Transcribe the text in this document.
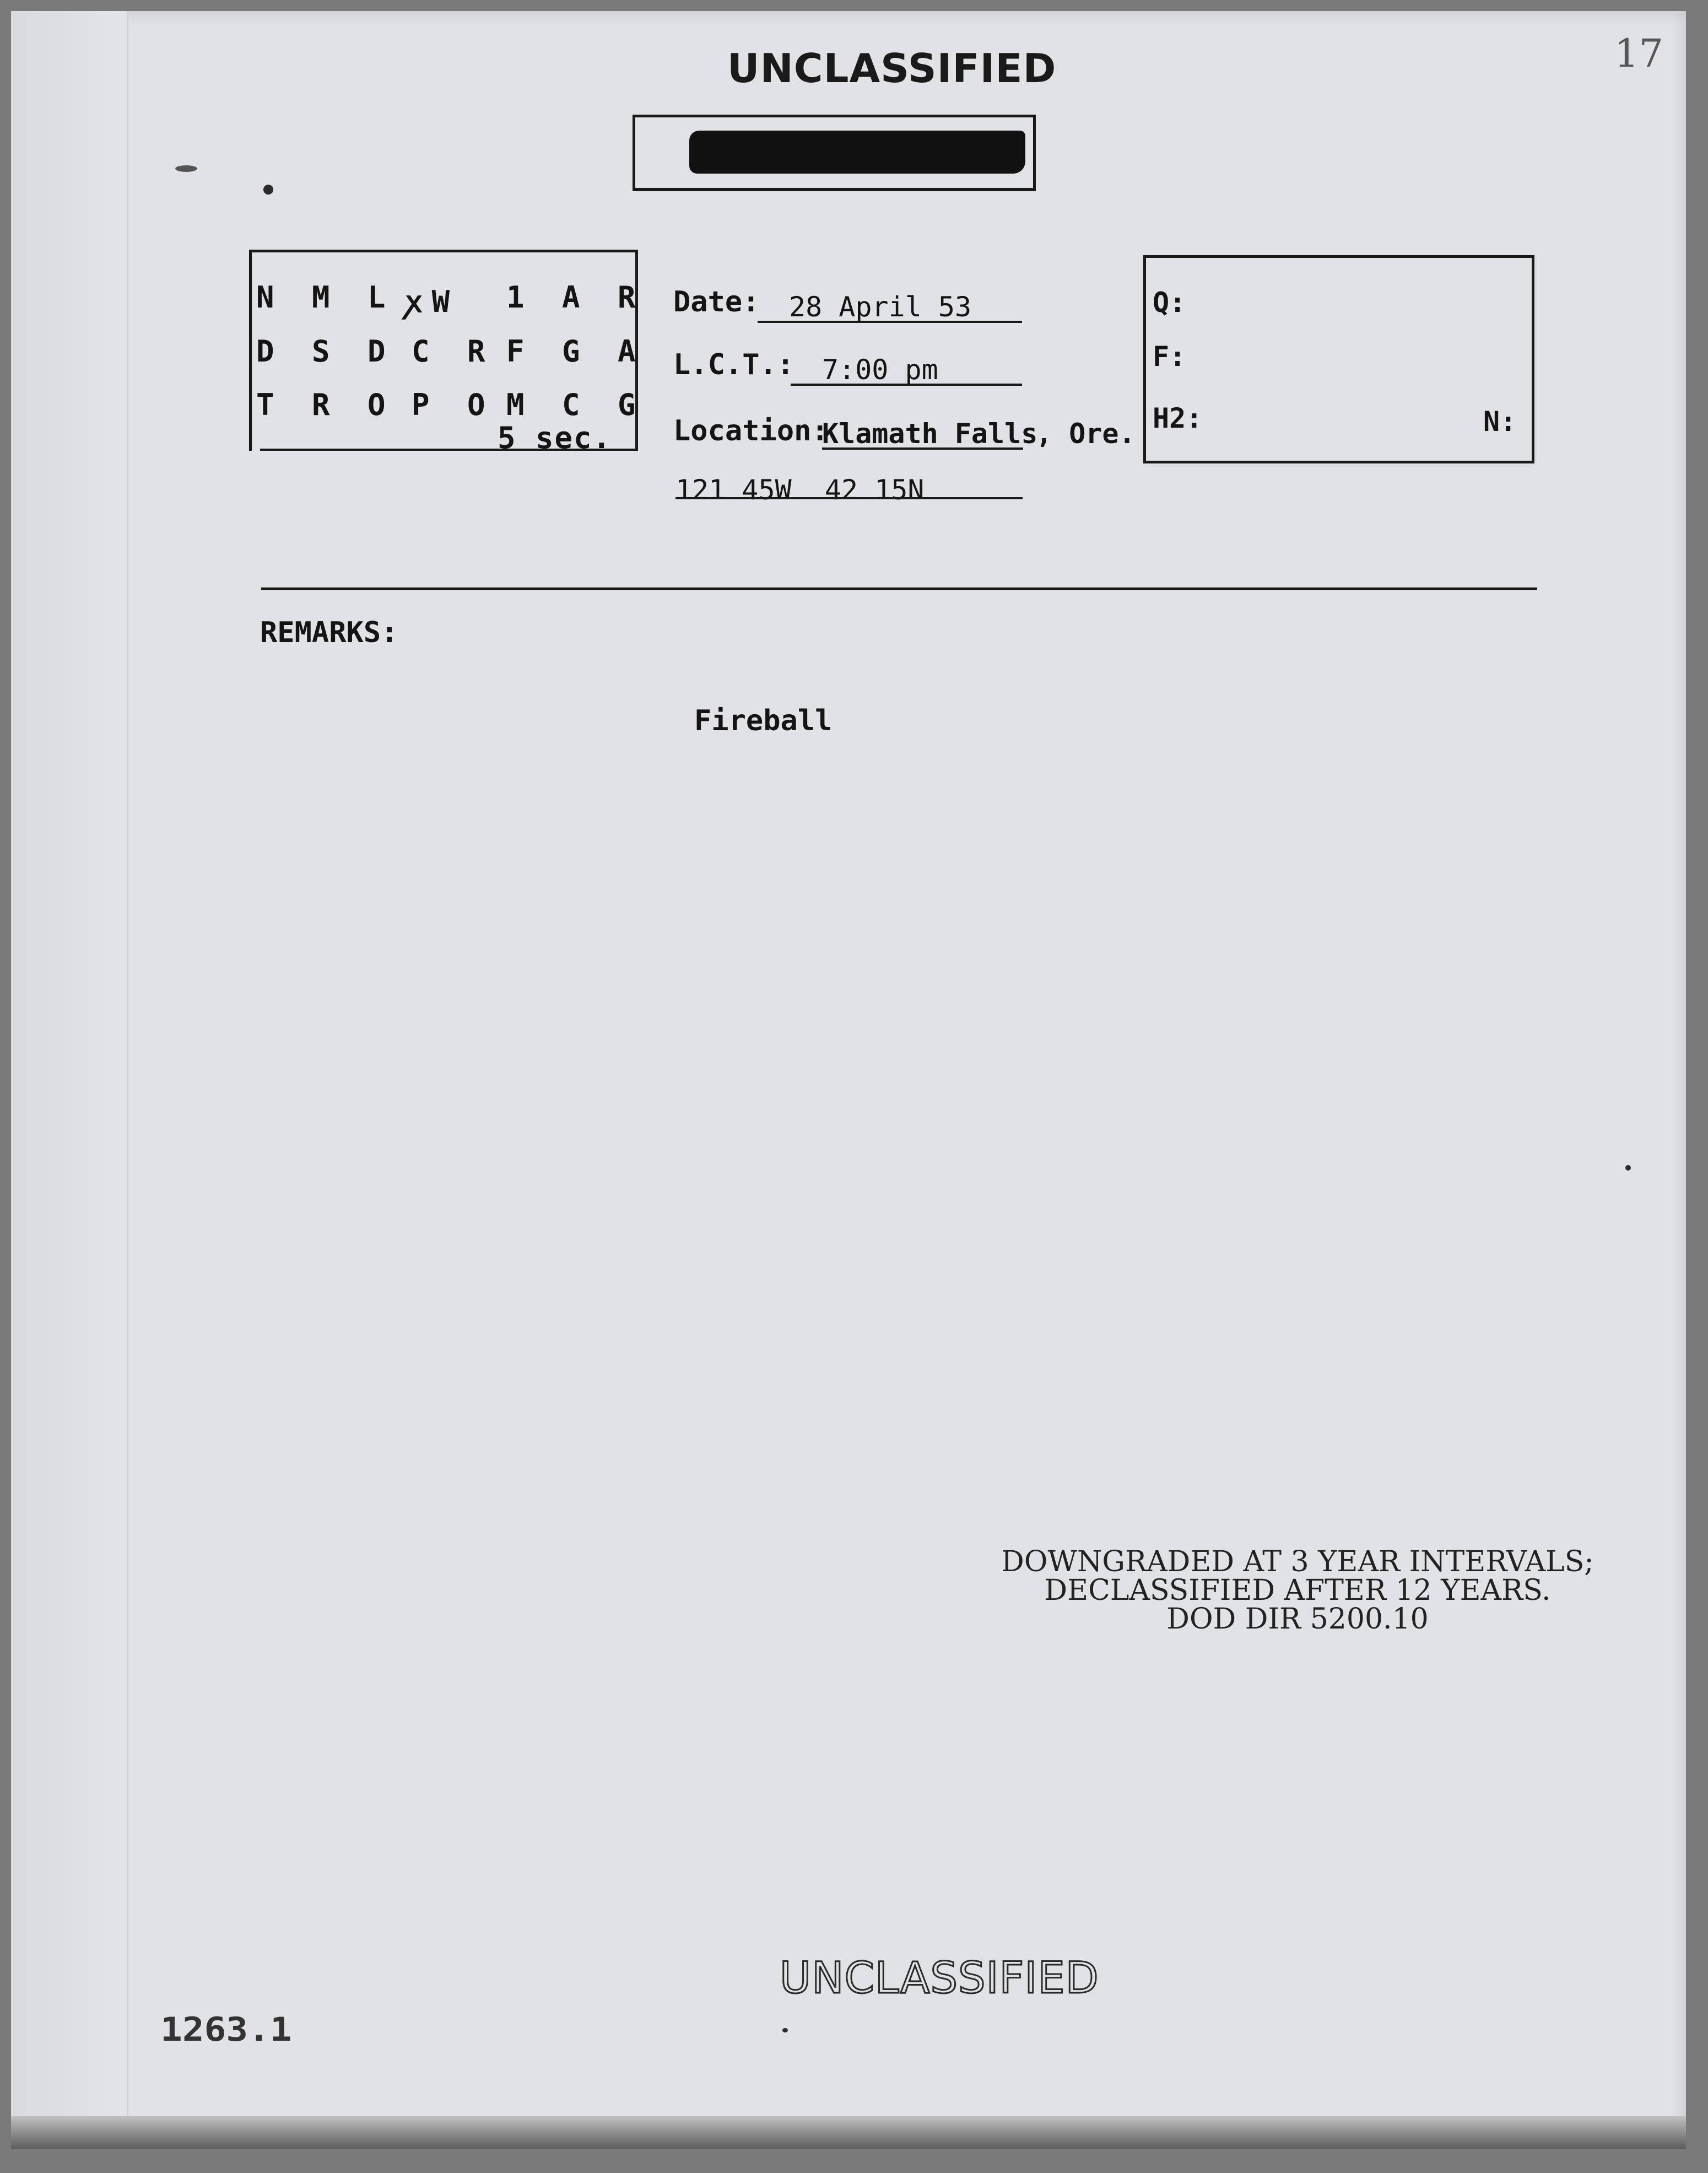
17
UNCLASSIFIED
N M L ꭗW 1 A R
D S D C R F G A
T R O P O M C G
5 sec.
Date: 28 April 53
L.C.T.: 7:00 pm
Location:
Klamath Falls
, Ore.
121 45W  42 15N
Q:
F:
H2:	N:
REMARKS:
Fireball
DOWNGRADED AT 3 YEAR INTERVALS;
DECLASSIFIED AFTER 12 YEARS.
DOD DIR 5200.10
UNCLASSIFIED
1263.1
